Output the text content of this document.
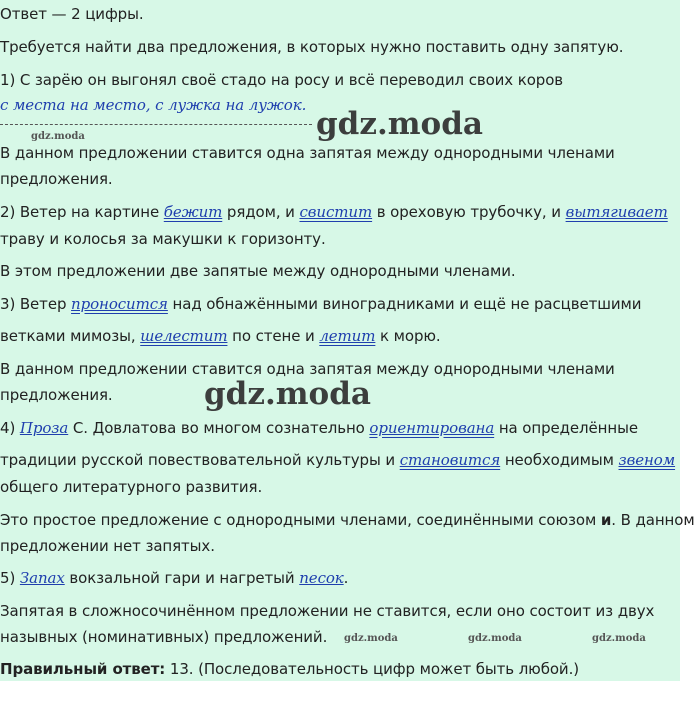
Ответ — 2 цифры.
Требуется найти два предложения, в которых нужно поставить одну запятую.
1) С зарёю он выгонял своё стадо на росу и всё переводил своих коров
с места на место, с лужка на лужок.
gdz.moda	gdz.moda
В данном предложении ставится одна запятая между однородными членами
предложения.
2) Ветер на картине бежит рядом, и свистит в ореховую трубочку, и вытягивает
траву и колосья за макушки к горизонту.
В этом предложении две запятые между однородными членами.
3) Ветер проносится над обнажёнными виноградниками и ещё не расцветшими
ветками мимозы, шелестит по стене и летит к морю.
В данном предложении ставится одна запятая между однородными членами
предложения.	gdz.moda
4) Проза С. Довлатова во многом сознательно ориентирована на определённые
традиции русской повествовательной культуры и становится необходимым звеном
общего литературного развития.
Это простое предложение с однородными членами, соединёнными союзом и. В данном
предложении нет запятых.
5) Запах вокзальной гари и нагретый песок.
Запятая в сложносочинённом предложении не ставится, если оно состоит из двух
назывных (номинативных) предложений. gdz.moda	gdz.moda	gdz.moda
Правильный ответ: 13. (Последовательность цифр может быть любой.)
